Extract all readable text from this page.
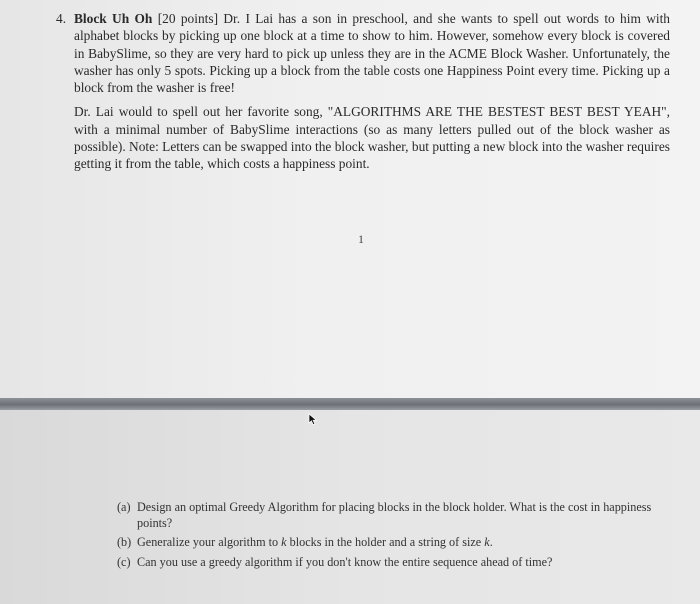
4. Block Uh Oh [20 points] Dr. I Lai has a son in preschool, and she wants to spell out words to him with alphabet blocks by picking up one block at a time to show to him. However, somehow every block is covered in BabySlime, so they are very hard to pick up unless they are in the ACME Block Washer. Unfortunately, the washer has only 5 spots. Picking up a block from the table costs one Happiness Point every time. Picking up a block from the washer is free!

Dr. Lai would to spell out her favorite song, "ALGORITHMS ARE THE BESTEST BEST BEST YEAH", with a minimal number of BabySlime interactions (so as many letters pulled out of the block washer as possible). Note: Letters can be swapped into the block washer, but putting a new block into the washer requires getting it from the table, which costs a happiness point.

1
(a) Design an optimal Greedy Algorithm for placing blocks in the block holder. What is the cost in happiness points?
(b) Generalize your algorithm to k blocks in the holder and a string of size k.
(c) Can you use a greedy algorithm if you don't know the entire sequence ahead of time?
